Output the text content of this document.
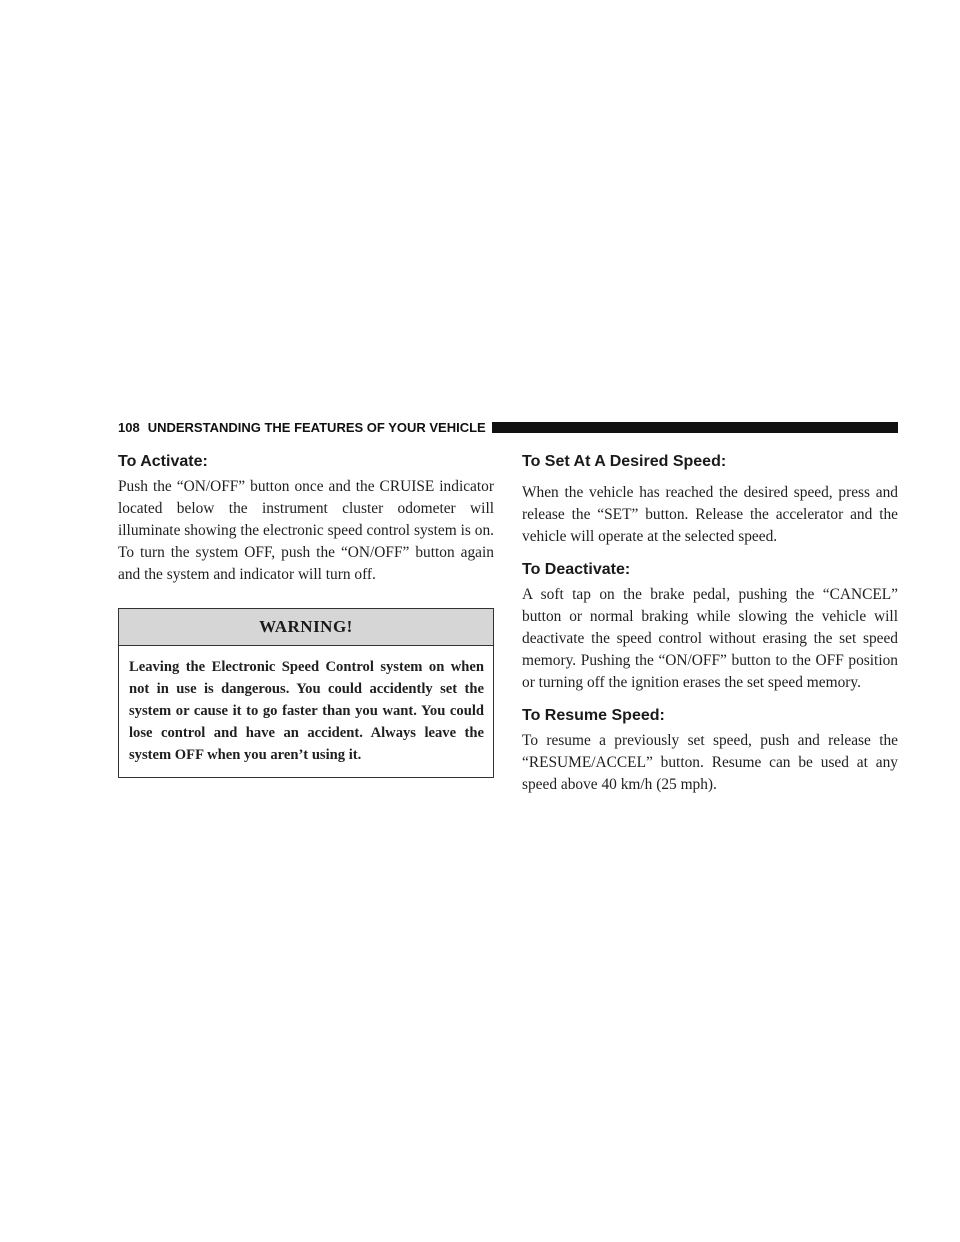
108 UNDERSTANDING THE FEATURES OF YOUR VEHICLE
To Activate:

Push the “ON/OFF” button once and the CRUISE indicator located below the instrument cluster odometer will illuminate showing the electronic speed control system is on. To turn the system OFF, push the “ON/OFF” button again and the system and indicator will turn off.

WARNING!
Leaving the Electronic Speed Control system on when not in use is dangerous. You could accidently set the system or cause it to go faster than you want. You could lose control and have an accident. Always leave the system OFF when you aren’t using it.
To Set At A Desired Speed:

When the vehicle has reached the desired speed, press and release the “SET” button. Release the accelerator and the vehicle will operate at the selected speed.

To Deactivate:

A soft tap on the brake pedal, pushing the “CANCEL” button or normal braking while slowing the vehicle will deactivate the speed control without erasing the set speed memory. Pushing the “ON/OFF” button to the OFF position or turning off the ignition erases the set speed memory.

To Resume Speed:

To resume a previously set speed, push and release the “RESUME/ACCEL” button. Resume can be used at any speed above 40 km/h (25 mph).
